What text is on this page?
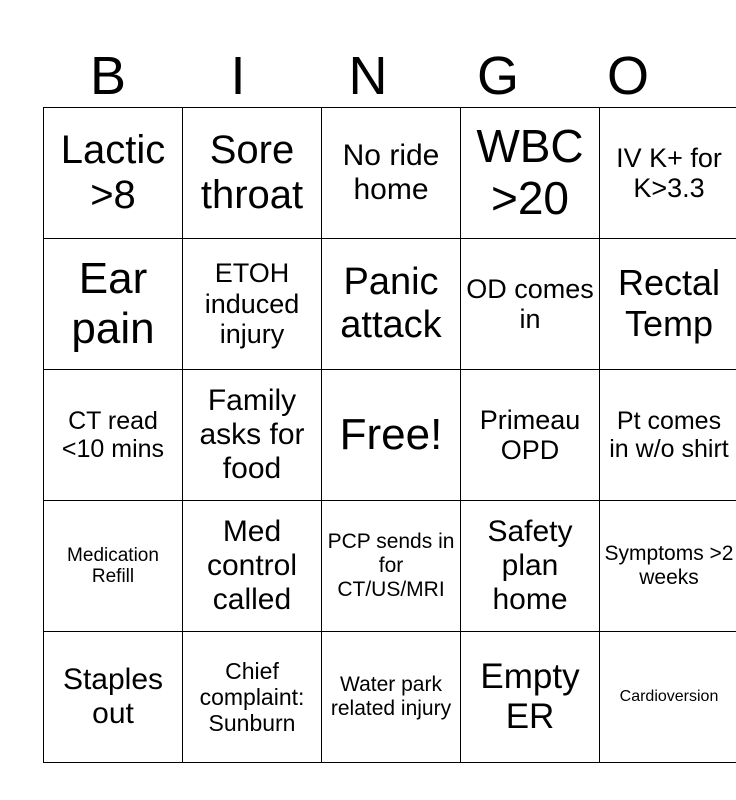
B	I	N	G	O
Lactic >8	Sore throat	No ride home	WBC >20	IV K+ for K>3.3
Ear pain	ETOH induced injury	Panic attack	OD comes in	Rectal Temp
CT read <10 mins	Family asks for food	Free!	Primeau OPD	Pt comes in w/o shirt
Medication Refill	Med control called	PCP sends in for CT/US/MRI	Safety plan home	Symptoms >2 weeks
Staples out	Chief complaint: Sunburn	Water park related injury	Empty ER	Cardioversion
